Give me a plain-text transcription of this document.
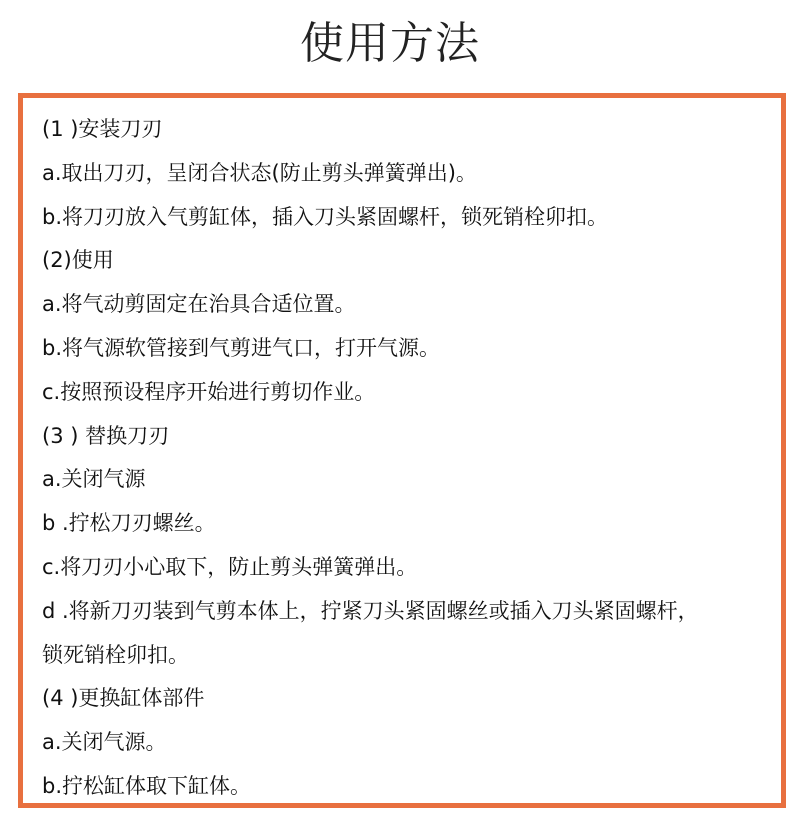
使用方法
(1 )安装刀刃
a.取出刀刃，呈闭合状态(防止剪头弹簧弹出)。
b.将刀刃放入气剪缸体，插入刀头紧固螺杆，锁死销栓卯扣。
(2)使用
a.将气动剪固定在治具合适位置。
b.将气源软管接到气剪进气口，打开气源。
c.按照预设程序开始进行剪切作业。
(3 ) 替换刀刃
a.关闭气源
b .拧松刀刃螺丝。
c.将刀刃小心取下，防止剪头弹簧弹出。
d .将新刀刃装到气剪本体上，拧紧刀头紧固螺丝或插入刀头紧固螺杆，
锁死销栓卯扣。
(4 )更换缸体部件
a.关闭气源。
b.拧松缸体取下缸体。
